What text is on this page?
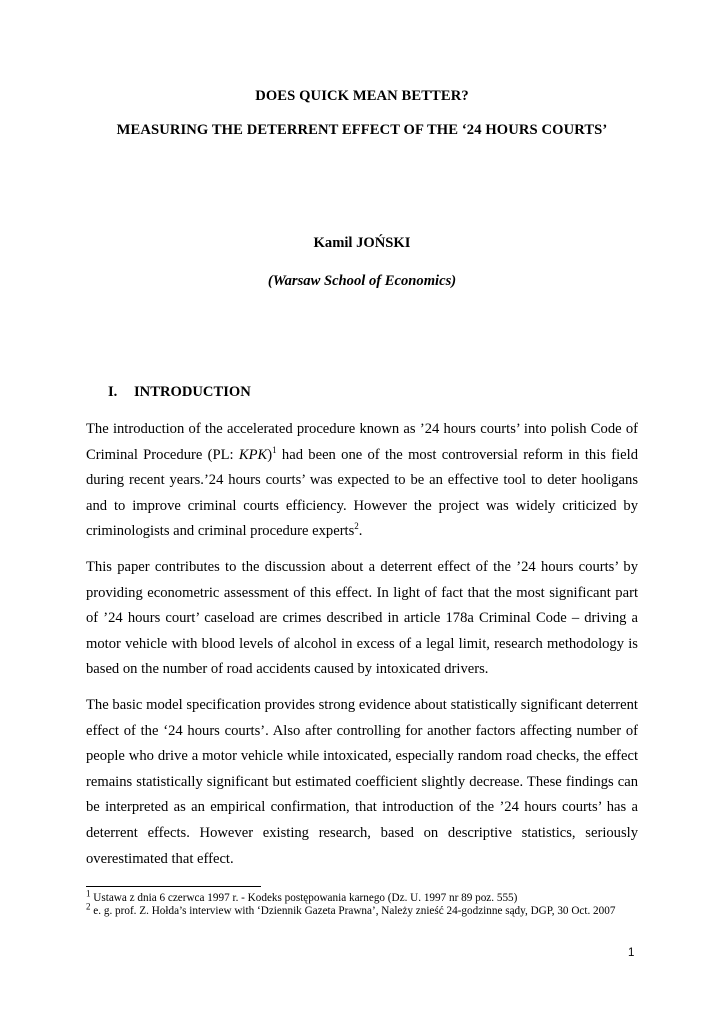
DOES QUICK MEAN BETTER?
MEASURING THE DETERRENT EFFECT OF THE ‘24 HOURS COURTS’
Kamil JOŃSKI
(Warsaw School of Economics)
I. INTRODUCTION

The introduction of the accelerated procedure known as ’24 hours courts’ into polish Code of Criminal Procedure (PL: KPK)$^1$ had been one of the most controversial reform in this field during recent years.’24 hours courts’ was expected to be an effective tool to deter hooligans and to improve criminal courts efficiency. However the project was widely criticized by criminologists and criminal procedure experts$^2$.

This paper contributes to the discussion about a deterrent effect of the ’24 hours courts’ by providing econometric assessment of this effect. In light of fact that the most significant part of ’24 hours court’ caseload are crimes described in article 178a Criminal Code – driving a motor vehicle with blood levels of alcohol in excess of a legal limit, research methodology is based on the number of road accidents caused by intoxicated drivers.

The basic model specification provides strong evidence about statistically significant deterrent effect of the ‘24 hours courts’. Also after controlling for another factors affecting number of people who drive a motor vehicle while intoxicated, especially random road checks, the effect remains statistically significant but estimated coefficient slightly decrease. These findings can be interpreted as an empirical confirmation, that introduction of the ’24 hours courts’ has a deterrent effects. However existing research, based on descriptive statistics, seriously overestimated that effect.

$^1$ Ustawa z dnia 6 czerwca 1997 r. - Kodeks postępowania karnego (Dz. U. 1997 nr 89 poz. 555)

$^2$ e. g. prof. Z. Hołda’s interview with ‘Dziennik Gazeta Prawna’, Należy znieść 24-godzinne sądy, DGP, 30 Oct. 2007

1
